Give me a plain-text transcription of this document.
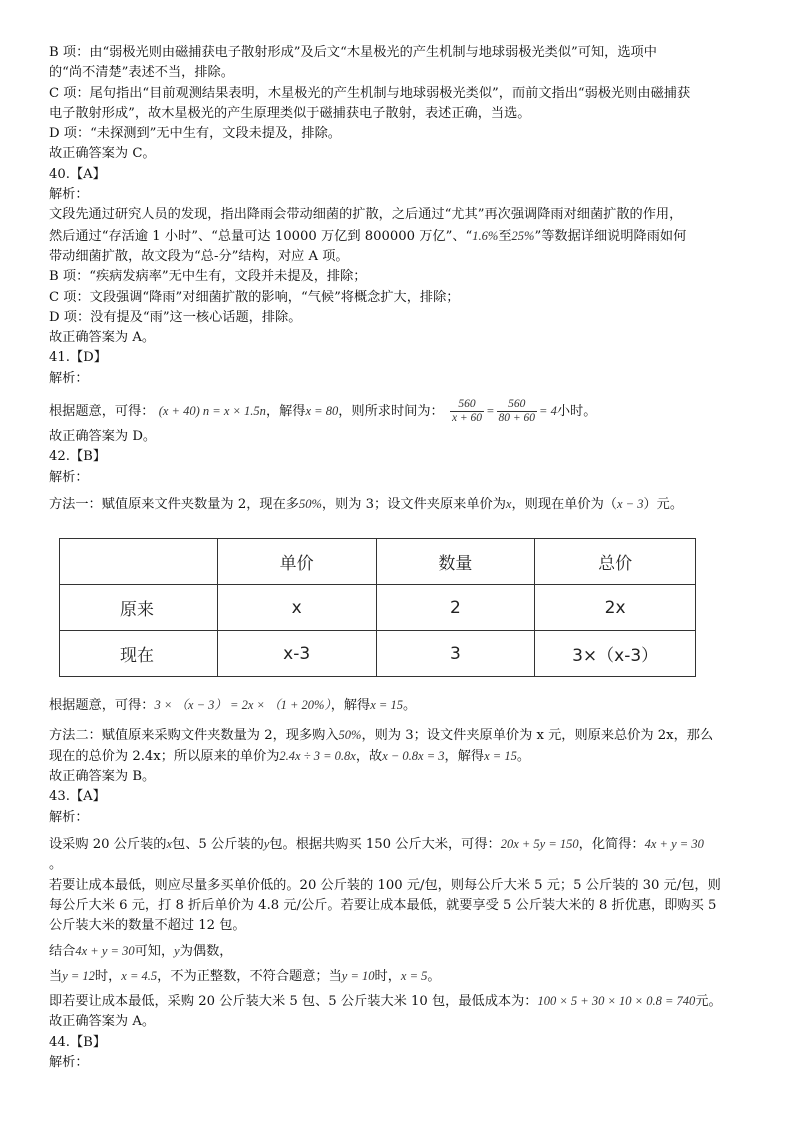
B 项：由“弱极光则由磁捕获电子散射形成”及后文“木星极光的产生机制与地球弱极光类似”可知，选项中
的“尚不清楚”表述不当，排除。
C 项：尾句指出“目前观测结果表明，木星极光的产生机制与地球弱极光类似”，而前文指出“弱极光则由磁捕获
电子散射形成”，故木星极光的产生原理类似于磁捕获电子散射，表述正确，当选。
D 项：“未探测到”无中生有，文段未提及，排除。
故正确答案为 C。
40.【A】
解析：
文段先通过研究人员的发现，指出降雨会带动细菌的扩散，之后通过“尤其”再次强调降雨对细菌扩散的作用，
然后通过“存活逾 1 小时”、“总量可达 10000 万亿到 800000 万亿”、“1.6%至25%”等数据详细说明降雨如何
带动细菌扩散，故文段为“总-分”结构，对应 A 项。
B 项：“疾病发病率”无中生有，文段并未提及，排除；
C 项：文段强调“降雨”对细菌扩散的影响，“气候”将概念扩大，排除；
D 项：没有提及“雨”这一核心话题，排除。
故正确答案为 A。
41.【D】
解析：
根据题意，可得： (x + 40) n = x × 1.5n，解得x = 80，则所求时间为： $\frac{560}{x + 60} = \frac{560}{80 + 60} = 4$小时。
故正确答案为 D。
42.【B】
解析：
方法一：赋值原来文件夹数量为 2，现在多50%，则为 3；设文件夹原来单价为x，则现在单价为（x − 3）元。
	单价	数量	总价
原来	x	2	2x
现在	x-3	3	3×（x-3）
根据题意，可得：3 × （x − 3） = 2x × （1 + 20%），解得x = 15。
方法二：赋值原来采购文件夹数量为 2，现多购入50%，则为 3；设文件夹原单价为 x 元，则原来总价为 2x，那么
现在的总价为 2.4x；所以原来的单价为2.4x ÷ 3 = 0.8x，故x − 0.8x = 3，解得x = 15。
故正确答案为 B。
43.【A】
解析：
设采购 20 公斤装的x包、5 公斤装的y包。根据共购买 150 公斤大米，可得：20x + 5y = 150，化简得：4x + y = 30
。
若要让成本最低，则应尽量多买单价低的。20 公斤装的 100 元/包，则每公斤大米 5 元；5 公斤装的 30 元/包，则
每公斤大米 6 元，打 8 折后单价为 4.8 元/公斤。若要让成本最低，就要享受 5 公斤装大米的 8 折优惠，即购买 5
公斤装大米的数量不超过 12 包。
结合4x + y = 30可知，y为偶数，
当y = 12时，x = 4.5，不为正整数，不符合题意；当y = 10时，x = 5。
即若要让成本最低，采购 20 公斤装大米 5 包、5 公斤装大米 10 包，最低成本为：100 × 5 + 30 × 10 × 0.8 = 740元。
故正确答案为 A。
44.【B】
解析：
